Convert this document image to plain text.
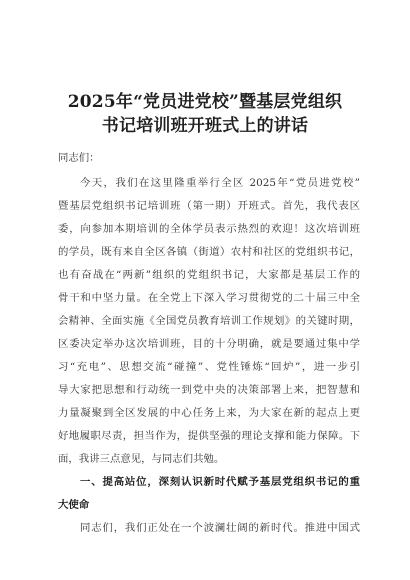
2025年“党员进党校”暨基层党组织
书记培训班开班式上的讲话
同志们：
今天，我们在这里隆重举行全区 2025年“党员进党校”
暨基层党组织书记培训班（第一期）开班式。首先，我代表区
委，向参加本期培训的全体学员表示热烈的欢迎！这次培训班
的学员，既有来自全区各镇（街道）农村和社区的党组织书记，
也有奋战在“两新”组织的党组织书记，大家都是基层工作的
骨干和中坚力量。在全党上下深入学习贯彻党的二十届三中全
会精神、全面实施《全国党员教育培训工作规划》的关键时期，
区委决定举办这次培训班，目的十分明确，就是要通过集中学
习“充电”、思想交流“碰撞”、党性锤炼“回炉”，进一步引
导大家把思想和行动统一到党中央的决策部署上来，把智慧和
力量凝聚到全区发展的中心任务上来，为大家在新的起点上更
好地履职尽责，担当作为，提供坚强的理论支撑和能力保障。下
面，我讲三点意见，与同志们共勉。
一、提高站位，深刻认识新时代赋予基层党组织书记的重
大使命
同志们，我们正处在一个波澜壮阔的新时代。推进中国式
